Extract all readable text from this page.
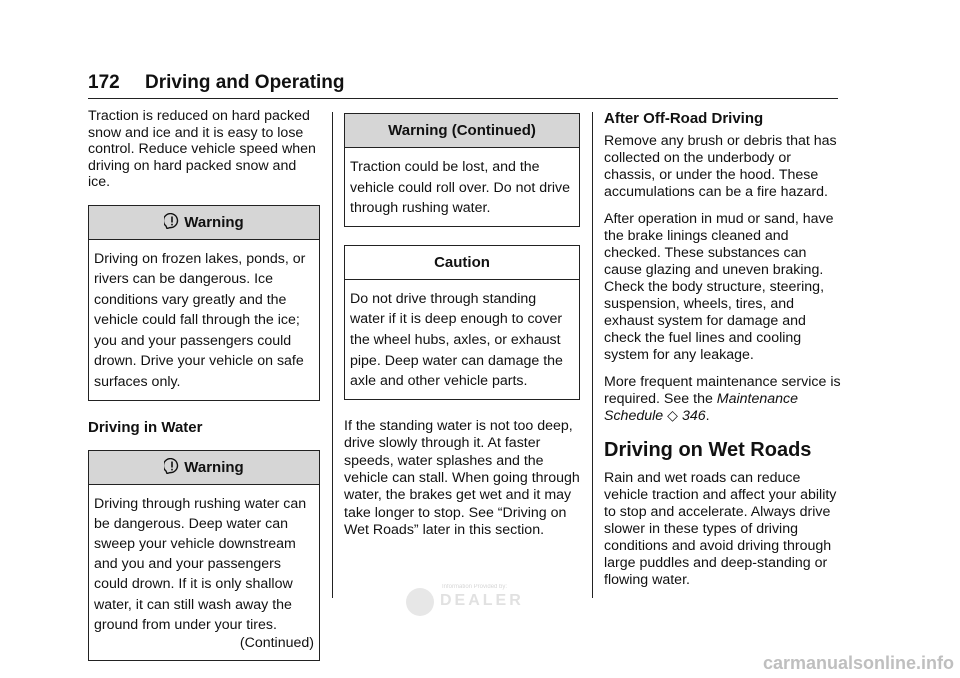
172 Driving and Operating

Traction is reduced on hard packed snow and ice and it is easy to lose control. Reduce vehicle speed when driving on hard packed snow and ice.

Warning
Driving on frozen lakes, ponds, or rivers can be dangerous. Ice conditions vary greatly and the vehicle could fall through the ice; you and your passengers could drown. Drive your vehicle on safe surfaces only.
Driving in Water
Warning
Driving through rushing water can be dangerous. Deep water can sweep your vehicle downstream and you and your passengers could drown. If it is only shallow water, it can still wash away the ground from under your tires.
(Continued)
Warning (Continued)
Traction could be lost, and the vehicle could roll over. Do not drive through rushing water.
Caution
Do not drive through standing water if it is deep enough to cover the wheel hubs, axles, or exhaust pipe. Deep water can damage the axle and other vehicle parts.

If the standing water is not too deep, drive slowly through it. At faster speeds, water splashes and the vehicle can stall. When going through water, the brakes get wet and it may take longer to stop. See “Driving on Wet Roads” later in this section.

After Off-Road Driving

Remove any brush or debris that has collected on the underbody or chassis, or under the hood. These accumulations can be a fire hazard.

After operation in mud or sand, have the brake linings cleaned and checked. These substances can cause glazing and uneven braking. Check the body structure, steering, suspension, wheels, tires, and exhaust system for damage and check the fuel lines and cooling system for any leakage.

More frequent maintenance service is required. See the Maintenance Schedule ◇ 346.

Driving on Wet Roads

Rain and wet roads can reduce vehicle traction and affect your ability to stop and accelerate. Always drive slower in these types of driving conditions and avoid driving through large puddles and deep-standing or flowing water.

Information Provided by:
DEALER
carmanualsonline.info
